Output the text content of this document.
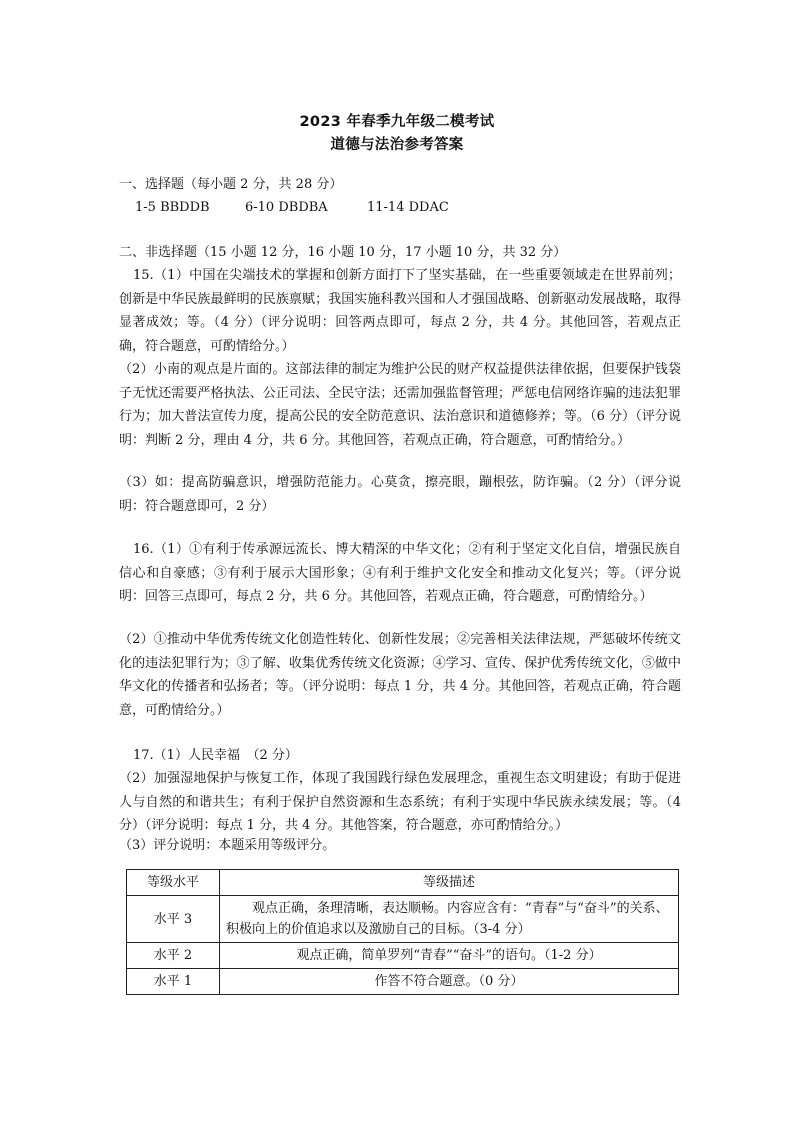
2023 年春季九年级二模考试
道德与法治参考答案
一、选择题（每小题 2 分，共 28 分）
1-5 BBDDB	6-10 DBDBA	11-14 DDAC
二、非选择题（15 小题 12 分，16 小题 10 分，17 小题 10 分，共 32 分）
15.（1）中国在尖端技术的掌握和创新方面打下了坚实基础，在一些重要领域走在世界前列；创新是中华民族最鲜明的民族禀赋；我国实施科教兴国和人才强国战略、创新驱动发展战略，取得显著成效；等。（4 分）（评分说明：回答两点即可，每点 2 分，共 4 分。其他回答，若观点正确，符合题意，可酌情给分。）
（2）小南的观点是片面的。这部法律的制定为维护公民的财产权益提供法律依据，但要保护钱袋子无忧还需要严格执法、公正司法、全民守法；还需加强监督管理；严惩电信网络诈骗的违法犯罪行为；加大普法宣传力度，提高公民的安全防范意识、法治意识和道德修养；等。（6 分）（评分说明：判断 2 分，理由 4 分，共 6 分。其他回答，若观点正确，符合题意，可酌情给分。）
（3）如：提高防骗意识，增强防范能力。心莫贪，擦亮眼，蹦根弦，防诈骗。（2 分）（评分说明：符合题意即可，2 分）
16.（1）①有利于传承源远流长、博大精深的中华文化；②有利于坚定文化自信，增强民族自信心和自豪感；③有利于展示大国形象；④有利于维护文化安全和推动文化复兴；等。（评分说明：回答三点即可，每点 2 分，共 6 分。其他回答，若观点正确，符合题意，可酌情给分。）
（2）①推动中华优秀传统文化创造性转化、创新性发展；②完善相关法律法规，严惩破坏传统文化的违法犯罪行为；③了解、收集优秀传统文化资源；④学习、宣传、保护优秀传统文化，⑤做中华文化的传播者和弘扬者；等。（评分说明：每点 1 分，共 4 分。其他回答，若观点正确，符合题意，可酌情给分。）
17.（1）人民幸福　（2 分）
（2）加强湿地保护与恢复工作，体现了我国践行绿色发展理念，重视生态文明建设；有助于促进人与自然的和谐共生；有利于保护自然资源和生态系统；有利于实现中华民族永续发展；等。（4 分）（评分说明：每点 1 分，共 4 分。其他答案，符合题意，亦可酌情给分。）
（3）评分说明：本题采用等级评分。
等级水平	等级描述
水平 3	观点正确，条理清晰，表达顺畅。内容应含有：“青春”与“奋斗”的关系、积极向上的价值追求以及激励自己的目标。（3-4 分）
水平 2	观点正确，简单罗列“青春”“奋斗”的语句。（1-2 分）
水平 1	作答不符合题意。（0 分）
